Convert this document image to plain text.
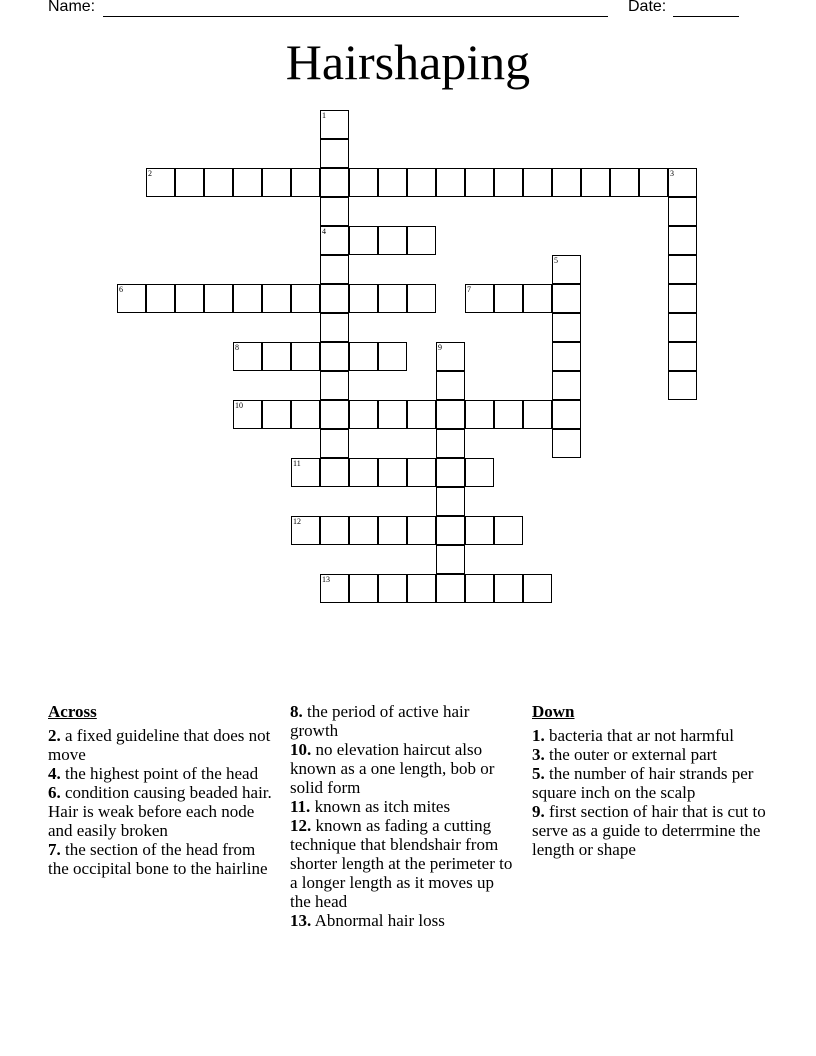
Name:	Date:
Hairshaping
1
4
2	3
5
6	7
8	9
10
11
12
13
Across
2. a fixed guideline that does not move
4. the highest point of the head
6. condition causing beaded hair. Hair is weak before each node and easily broken
7. the section of the head from the occipital bone to the hairline
8. the period of active hair growth
10. no elevation haircut also known as a one length, bob or solid form
11. known as itch mites
12. known as fading a cutting technique that blendshair from shorter length at the perimeter to a longer length as it moves up the head
13. Abnormal hair loss
Down
1. bacteria that ar not harmful
3. the outer or external part
5. the number of hair strands per square inch on the scalp
9. first section of hair that is cut to serve as a guide to deterrmine the length or shape
